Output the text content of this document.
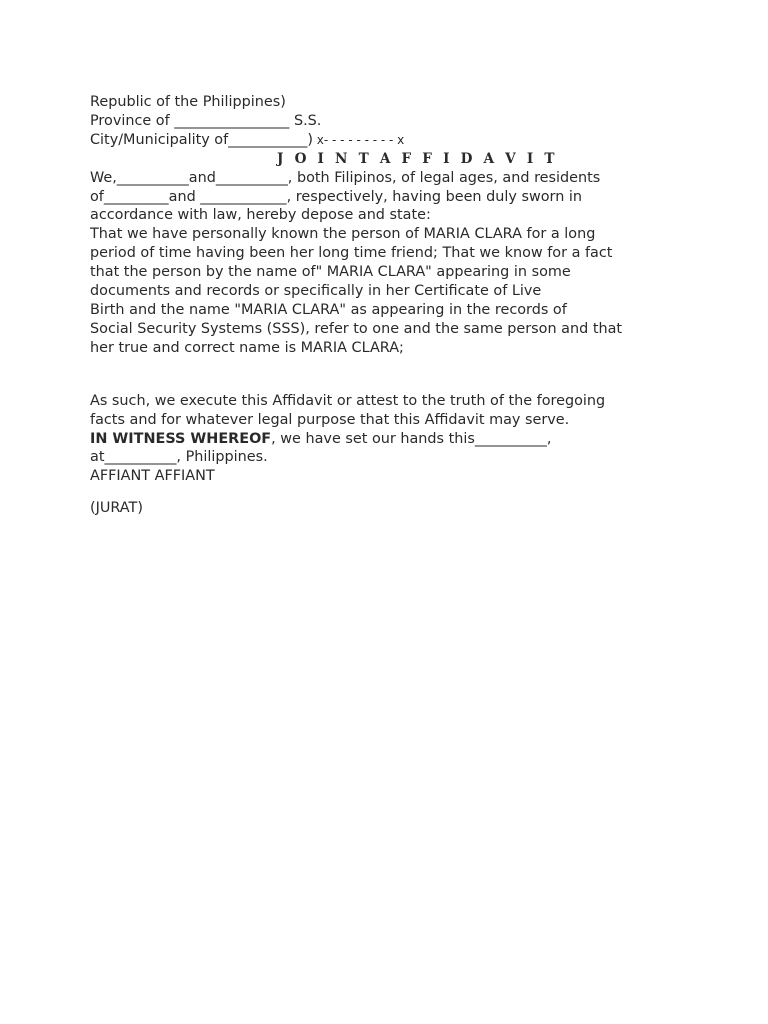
Republic of the Philippines)
Province of ________________ S.S.
City/Municipality of___________) x- - - - - - - - - x
J O I N T A F F I D A V I T
We,__________and__________, both Filipinos, of legal ages, and residents
of_________and ____________, respectively, having been duly sworn in
accordance with law, hereby depose and state:
That we have personally known the person of MARIA CLARA for a long
period of time having been her long time friend; That we know for a fact
that the person by the name of" MARIA CLARA" appearing in some
documents and records or specifically in her Certificate of Live
Birth and the name "MARIA CLARA" as appearing in the records of
Social Security Systems (SSS), refer to one and the same person and that
her true and correct name is MARIA CLARA;
As such, we execute this Affidavit or attest to the truth of the foregoing
facts and for whatever legal purpose that this Affidavit may serve.
IN WITNESS WHEREOF, we have set our hands this__________,
at__________, Philippines.
AFFIANT AFFIANT
(JURAT)
